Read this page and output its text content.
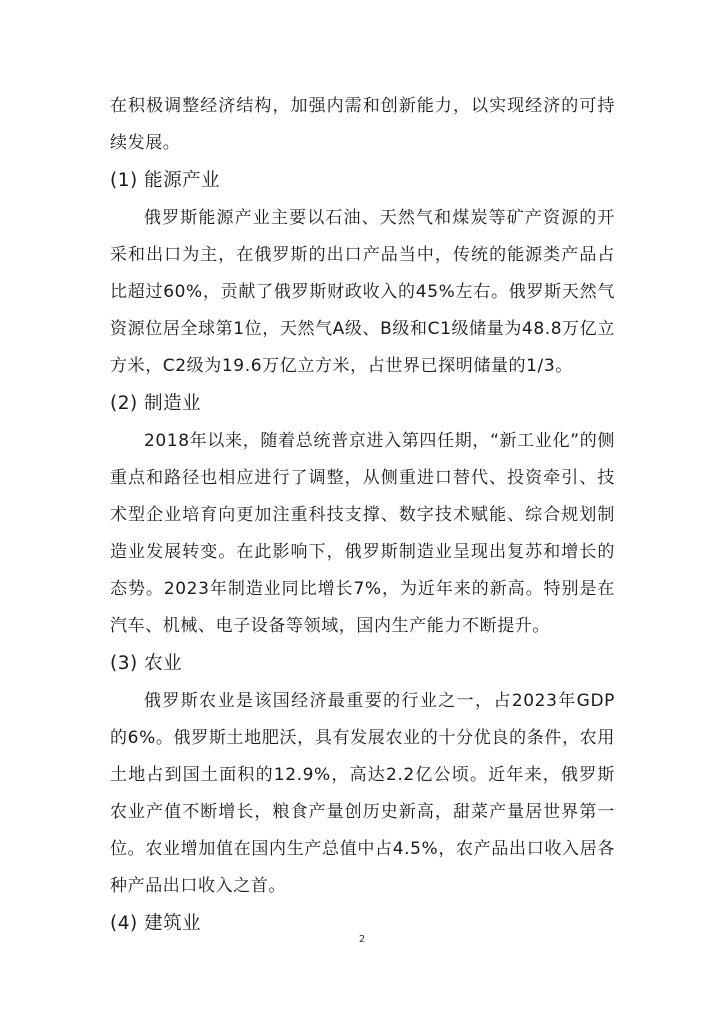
在积极调整经济结构，加强内需和创新能力，以实现经济的可持续发展。

(1) 能源产业

俄罗斯能源产业主要以石油、天然气和煤炭等矿产资源的开采和出口为主，在俄罗斯的出口产品当中，传统的能源类产品占比超过60%，贡献了俄罗斯财政收入的45%左右。俄罗斯天然气资源位居全球第1位，天然气A级、B级和C1级储量为48.8万亿立方米，C2级为19.6万亿立方米，占世界已探明储量的1/3。

(2) 制造业

2018年以来，随着总统普京进入第四任期，“新工业化”的侧重点和路径也相应进行了调整，从侧重进口替代、投资牵引、技术型企业培育向更加注重科技支撑、数字技术赋能、综合规划制造业发展转变。在此影响下，俄罗斯制造业呈现出复苏和增长的态势。2023年制造业同比增长7%，为近年来的新高。特别是在汽车、机械、电子设备等领域，国内生产能力不断提升。

(3) 农业

俄罗斯农业是该国经济最重要的行业之一，占2023年GDP的6%。俄罗斯土地肥沃，具有发展农业的十分优良的条件，农用土地占到国土面积的12.9%，高达2.2亿公顷。近年来，俄罗斯农业产值不断增长，粮食产量创历史新高，甜菜产量居世界第一位。农业增加值在国内生产总值中占4.5%，农产品出口收入居各种产品出口收入之首。

(4) 建筑业
2
